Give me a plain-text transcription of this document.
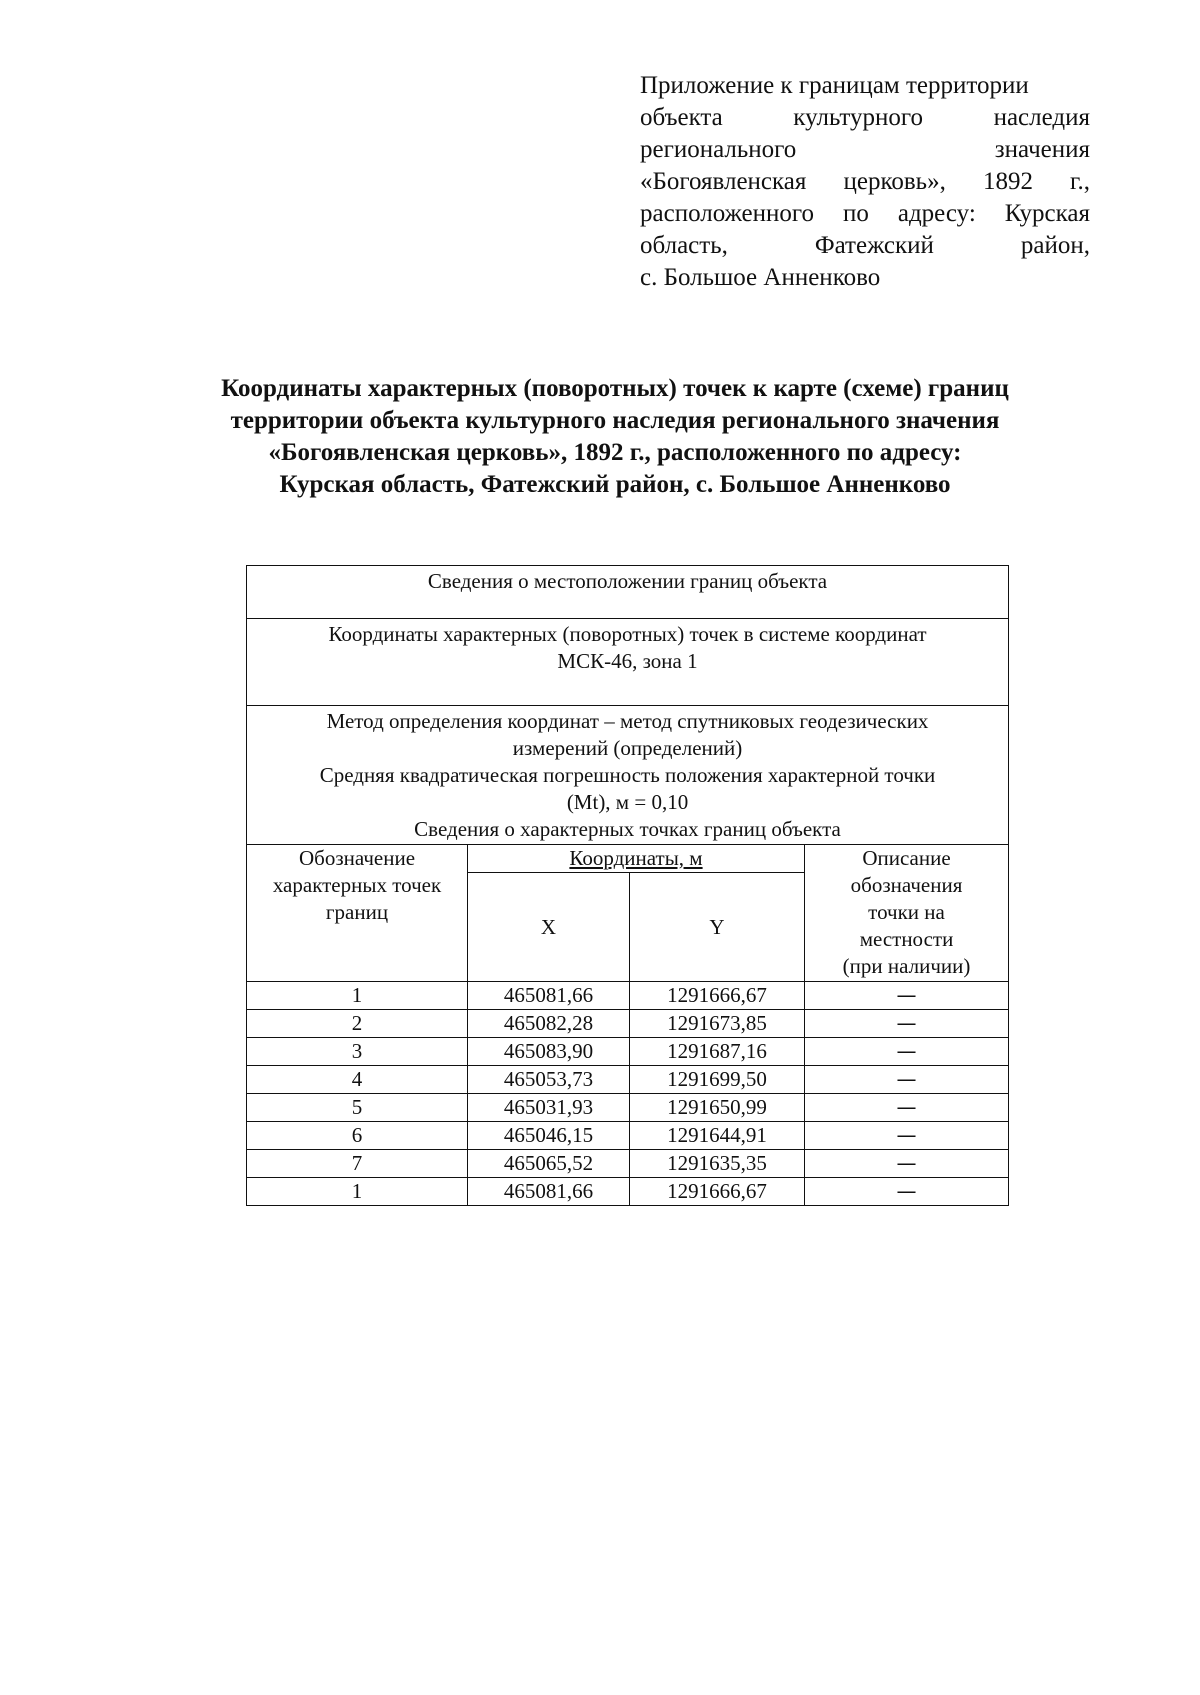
Приложение к границам территории
объекта культурного наследия
регионального значения
«Богоявленская церковь», 1892 г.,
расположенного по адресу: Курская
область, Фатежский район,
с. Большое Анненково
Координаты характерных (поворотных) точек к карте (схеме) границ
территории объекта культурного наследия регионального значения
«Богоявленская церковь», 1892 г., расположенного по адресу:
Курская область, Фатежский район, с. Большое Анненково
Сведения о местоположении границ объекта			

Координаты характерных (поворотных) точек в системе координат
МСК-46, зона 1			

Метод определения координат – метод спутниковых геодезических
измерений (определений)
Средняя квадратическая погрешность положения характерной точки
(Mt), м = 0,10
Сведения о характерных точках границ объекта			

Обозначение
характерных точек
границ	Координаты, м		Описание
обозначения
точки на
местности
(при наличии)

	X	Y	
1	465081,66	1291666,67	—
2	465082,28	1291673,85	—
3	465083,90	1291687,16	—
4	465053,73	1291699,50	—
5	465031,93	1291650,99	—
6	465046,15	1291644,91	—
7	465065,52	1291635,35	—
1	465081,66	1291666,67	—
